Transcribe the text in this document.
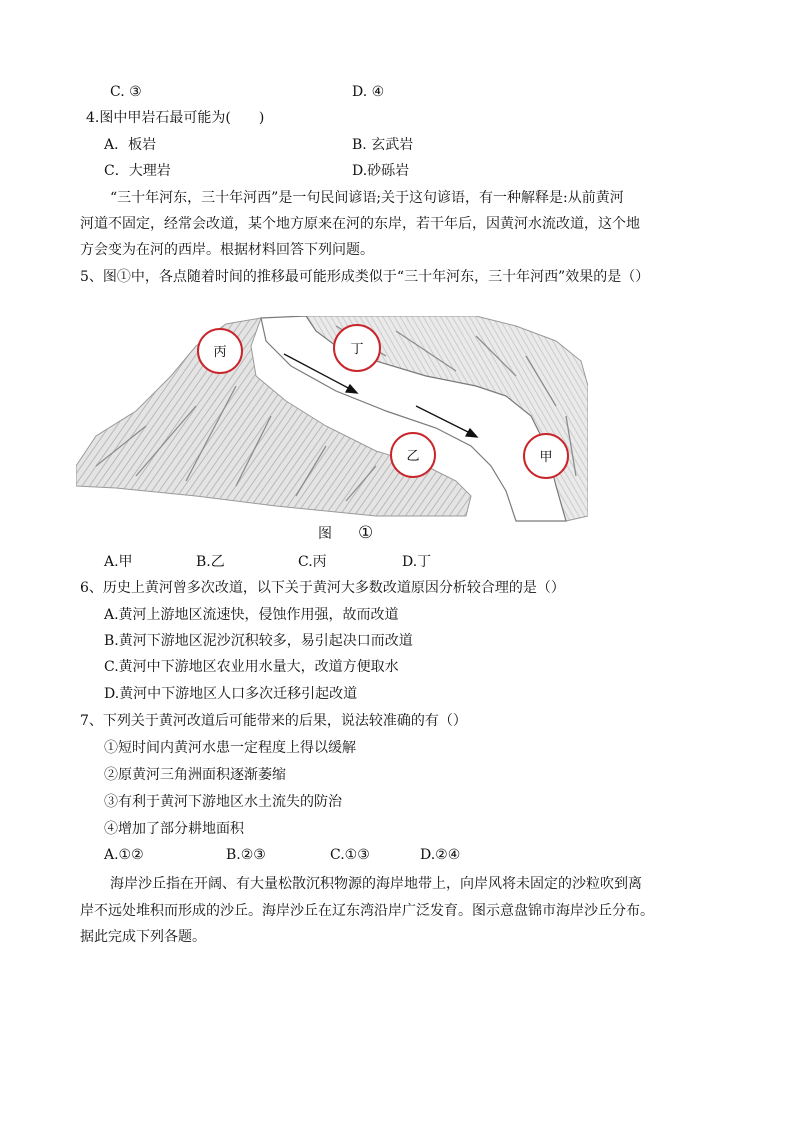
C. ③	D. ④
4.图中甲岩石最可能为(　　)
A．板岩	B. 玄武岩
C．大理岩	D.砂砾岩
“三十年河东，三十年河西”是一句民间谚语;关于这句谚语，有一种解释是:从前黄河
河道不固定，经常会改道，某个地方原来在河的东岸，若干年后，因黄河水流改道，这个地
方会变为在河的西岸。根据材料回答下列问题。
5、图①中，各点随着时间的推移最可能形成类似于“三十年河东，三十年河西”效果的是（）
丙	丁
乙	甲
图 ①
A.甲	B.乙	C.丙	D.丁
6、历史上黄河曾多次改道，以下关于黄河大多数改道原因分析较合理的是（）
A.黄河上游地区流速快，侵蚀作用强，故而改道
B.黄河下游地区泥沙沉积较多，易引起决口而改道
C.黄河中下游地区农业用水量大，改道方便取水
D.黄河中下游地区人口多次迁移引起改道
7、下列关于黄河改道后可能带来的后果，说法较准确的有（）
①短时间内黄河水患一定程度上得以缓解
②原黄河三角洲面积逐渐萎缩
③有利于黄河下游地区水土流失的防治
④增加了部分耕地面积
A.①②	B.②③	C.①③	D.②④
海岸沙丘指在开阔、有大量松散沉积物源的海岸地带上，向岸风将未固定的沙粒吹到离
岸不远处堆积而形成的沙丘。海岸沙丘在辽东湾沿岸广泛发育。图示意盘锦市海岸沙丘分布。
据此完成下列各题。
